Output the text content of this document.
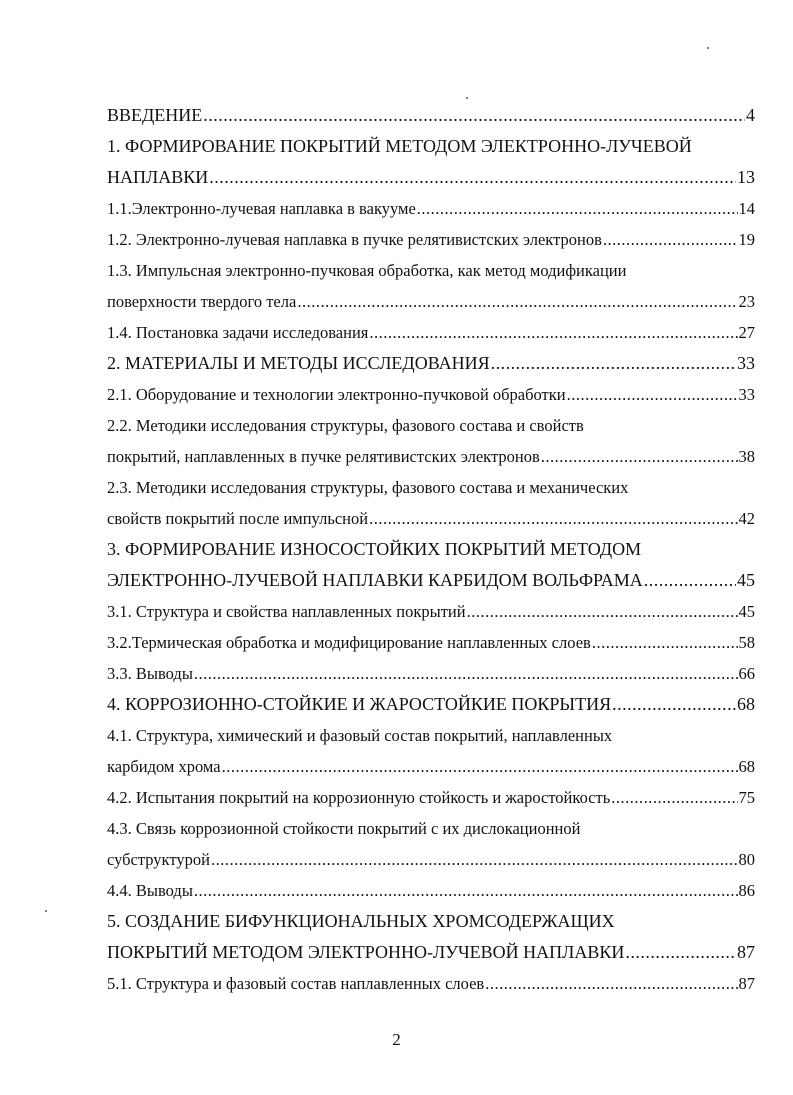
ВВЕДЕНИЕ .....	4
1. ФОРМИРОВАНИЕ ПОКРЫТИЙ МЕТОДОМ ЭЛЕКТРОННО-ЛУЧЕВОЙ
НАПЛАВКИ .....	13
1.1.Электронно-лучевая наплавка в вакууме .....	14
1.2. Электронно-лучевая наплавка в пучке релятивистских электронов .....	19
1.3. Импульсная электронно-пучковая обработка, как метод модификации
поверхности твердого тела .....	23
1.4. Постановка задачи исследования .....	27
2. МАТЕРИАЛЫ И МЕТОДЫ ИССЛЕДОВАНИЯ .....	33
2.1. Оборудование и технологии электронно-пучковой обработки .....	33
2.2. Методики исследования структуры, фазового состава и свойств
покрытий, наплавленных в пучке релятивистских электронов .....	38
2.3. Методики исследования структуры, фазового состава и механических
свойств покрытий после импульсной .....	42
3. ФОРМИРОВАНИЕ ИЗНОСОСТОЙКИХ ПОКРЫТИЙ МЕТОДОМ
ЭЛЕКТРОННО-ЛУЧЕВОЙ НАПЛАВКИ КАРБИДОМ ВОЛЬФРАМА .....	45
3.1. Структура и свойства наплавленных покрытий .....	45
3.2.Термическая обработка и модифицирование наплавленных слоев .....	58
3.3. Выводы .....	66
4. КОРРОЗИОННО-СТОЙКИЕ И ЖАРОСТОЙКИЕ ПОКРЫТИЯ .....	68
4.1. Структура, химический и фазовый состав покрытий, наплавленных
карбидом хрома .....	68
4.2. Испытания покрытий на коррозионную стойкость и жаростойкость .....	75
4.3. Связь коррозионной стойкости покрытий с их дислокационной
субструктурой .....	80
4.4. Выводы .....	86
5. СОЗДАНИЕ БИФУНКЦИОНАЛЬНЫХ ХРОМСОДЕРЖАЩИХ
ПОКРЫТИЙ МЕТОДОМ ЭЛЕКТРОННО-ЛУЧЕВОЙ НАПЛАВКИ .....	87
5.1. Структура и фазовый состав наплавленных слоев .....	87
2
